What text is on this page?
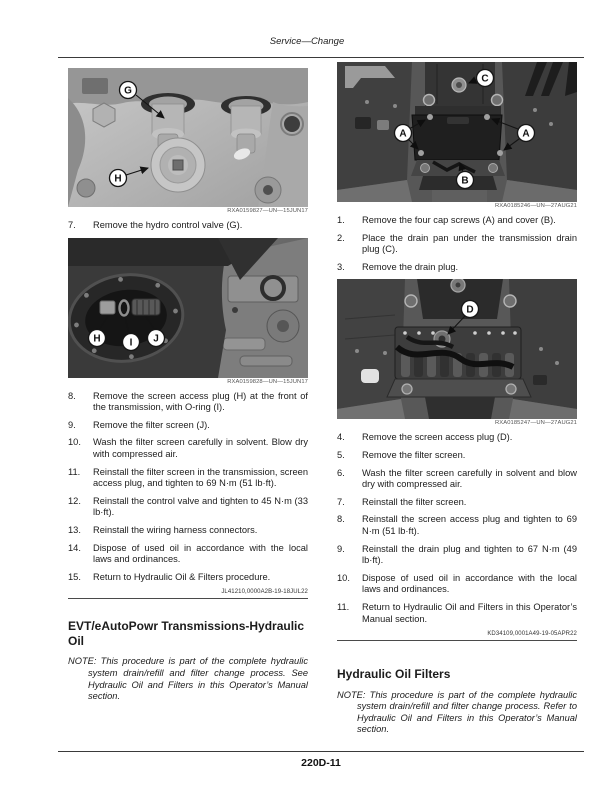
Service—Change
G
H
RXA0159827—UN—15JUN17
7.	Remove the hydro control valve (G).
H	I J
RXA0159828—UN—15JUN17
8.	Remove the screen access plug (H) at the front of the transmission, with O-ring (I).
9.	Remove the filter screen (J).
10.	Wash the filter screen carefully in solvent. Blow dry with compressed air.
11.	Reinstall the filter screen in the transmission, screen access plug, and tighten to 69 N·m (51 lb·ft).
12.	Reinstall the control valve and tighten to 45 N·m (33 lb·ft).
13.	Reinstall the wiring harness connectors.
14.	Dispose of used oil in accordance with the local laws and ordinances.
15.	Return to Hydraulic Oil & Filters procedure.
JL41210,0000A2B-19-18JUL22
EVT/eAutoPowr Transmissions-Hydraulic Oil
NOTE: This procedure is part of the complete hydraulic system drain/refill and filter change process. See Hydraulic Oil and Filters in this Operator’s Manual section.
C
A	A
B
RXA0185246—UN—27AUG21
1.	Remove the four cap screws (A) and cover (B).
2.	Place the drain pan under the transmission drain plug (C).
3.	Remove the drain plug.
D
RXA0185247—UN—27AUG21
4.	Remove the screen access plug (D).
5.	Remove the filter screen.
6.	Wash the filter screen carefully in solvent and blow dry with compressed air.
7.	Reinstall the filter screen.
8.	Reinstall the screen access plug and tighten to 69 N·m (51 lb·ft).
9.	Reinstall the drain plug and tighten to 67 N·m (49 lb·ft).
10.	Dispose of used oil in accordance with the local laws and ordinances.
11.	Return to Hydraulic Oil and Filters in this Operator’s Manual section.
KD34109,0001A49-19-05APR22
Hydraulic Oil Filters
NOTE: This procedure is part of the complete hydraulic system drain/refill and filter change process. Refer to Hydraulic Oil and Filters in this Operator’s Manual section.
220D-11
